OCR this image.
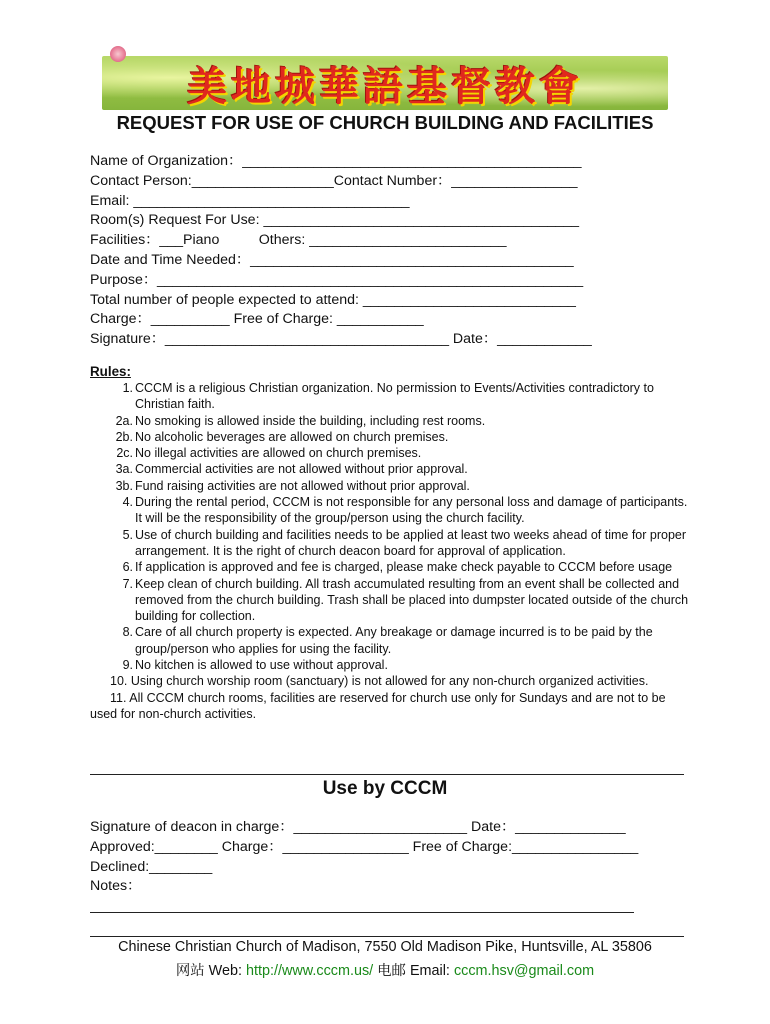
美地城華語基督教會
REQUEST FOR USE OF CHURCH BUILDING AND FACILITIES
Name of Organization：___________________________________________
Contact Person:__________________Contact Number：________________
Email: ___________________________________
Room(s) Request For Use: ________________________________________
Facilities：___Piano          Others: _________________________
Date and Time Needed：_________________________________________
Purpose：______________________________________________________
Total number of people expected to attend: ___________________________
Charge：__________ Free of Charge: ___________
Signature：____________________________________ Date：____________
Rules:
1. CCCM is a religious Christian organization. No permission to Events/Activities contradictory to Christian faith.
2a. No smoking is allowed inside the building, including rest rooms.
2b. No alcoholic beverages are allowed on church premises.
2c. No illegal activities are allowed on church premises.
3a. Commercial activities are not allowed without prior approval.
3b. Fund raising activities are not allowed without prior approval.
4. During the rental period, CCCM is not responsible for any personal loss and damage of participants. It will be the responsibility of the group/person using the church facility.
5. Use of church building and facilities needs to be applied at least two weeks ahead of time for proper arrangement. It is the right of church deacon board for approval of application.
6. If application is approved and fee is charged, please make check payable to CCCM before usage
7. Keep clean of church building. All trash accumulated resulting from an event shall be collected and removed from the church building. Trash shall be placed into dumpster located outside of the church building for collection.
8. Care of all church property is expected. Any breakage or damage incurred is to be paid by the group/person who applies for using the facility.
9. No kitchen is allowed to use without approval.
10. Using church worship room (sanctuary) is not allowed for any non-church organized activities.
11. All CCCM church rooms, facilities are reserved for church use only for Sundays and are not to be used for non-church activities.
Use by CCCM
Signature of deacon in charge：______________________ Date：______________
Approved:________ Charge：________________ Free of Charge:________________
Declined:________
Notes：
Chinese Christian Church of Madison, 7550 Old Madison Pike, Huntsville, AL 35806
网站 Web: http://www.cccm.us/ 电邮 Email: cccm.hsv@gmail.com
